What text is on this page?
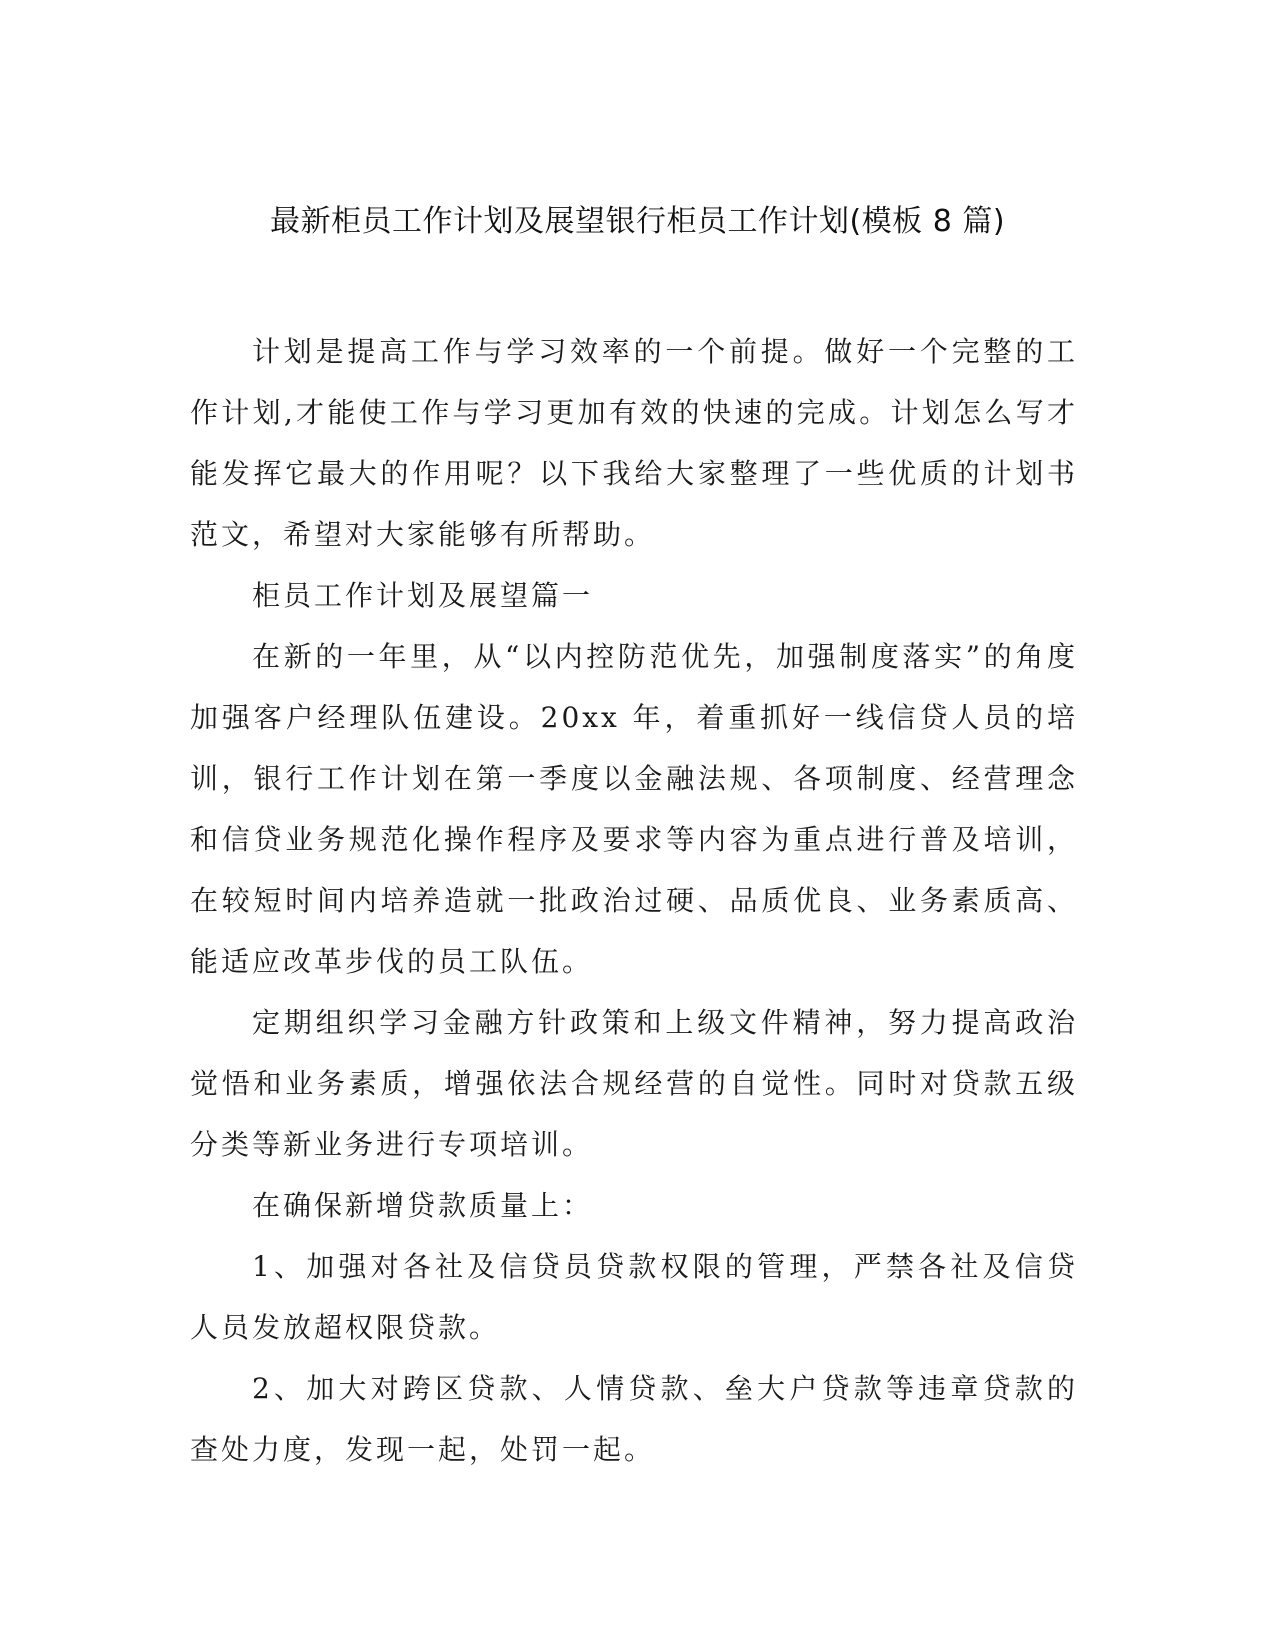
最新柜员工作计划及展望银行柜员工作计划(模板 8 篇)

计划是提高工作与学习效率的一个前提。做好一个完整的工作计划,才能使工作与学习更加有效的快速的完成。计划怎么写才能发挥它最大的作用呢？以下我给大家整理了一些优质的计划书范文，希望对大家能够有所帮助。

柜员工作计划及展望篇一

在新的一年里，从“以内控防范优先，加强制度落实”的角度加强客户经理队伍建设。20xx 年，着重抓好一线信贷人员的培训，银行工作计划在第一季度以金融法规、各项制度、经营理念和信贷业务规范化操作程序及要求等内容为重点进行普及培训，在较短时间内培养造就一批政治过硬、品质优良、业务素质高、能适应改革步伐的员工队伍。

定期组织学习金融方针政策和上级文件精神，努力提高政治觉悟和业务素质，增强依法合规经营的自觉性。同时对贷款五级分类等新业务进行专项培训。

在确保新增贷款质量上：

1、加强对各社及信贷员贷款权限的管理，严禁各社及信贷人员发放超权限贷款。

2、加大对跨区贷款、人情贷款、垒大户贷款等违章贷款的查处力度，发现一起，处罚一起。
